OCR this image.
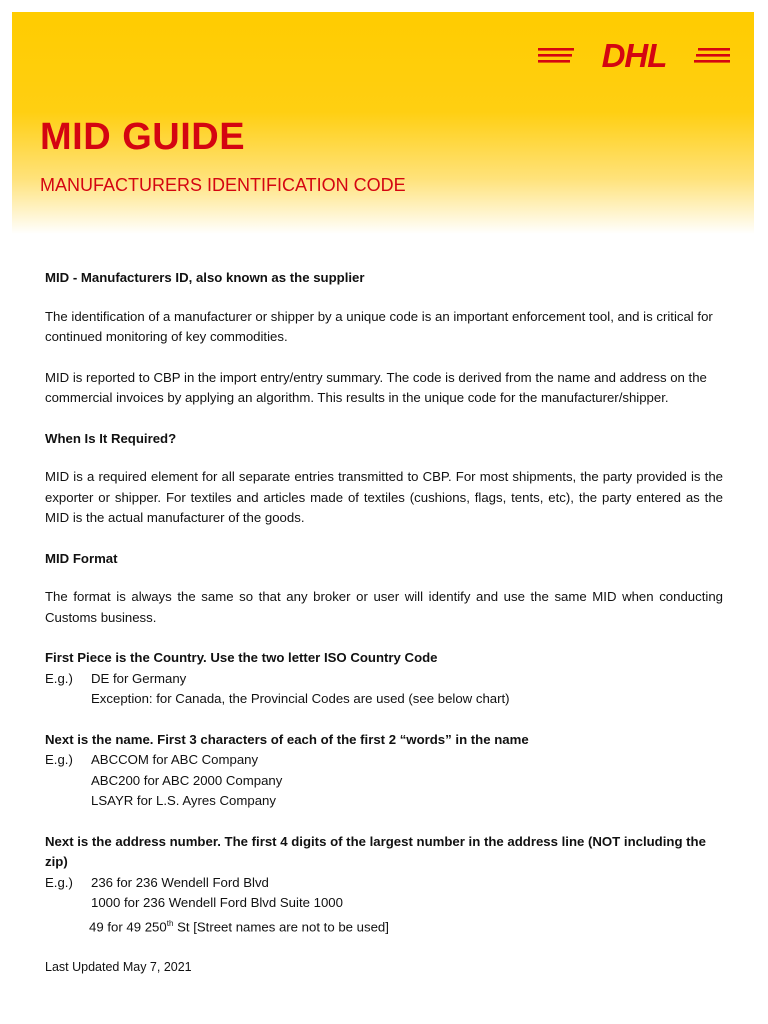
DHL
MID GUIDE
MANUFACTURERS IDENTIFICATION CODE

MID - Manufacturers ID, also known as the supplier

The identification of a manufacturer or shipper by a unique code is an important enforcement tool, and is critical for continued monitoring of key commodities.

MID is reported to CBP in the import entry/entry summary. The code is derived from the name and address on the commercial invoices by applying an algorithm. This results in the unique code for the manufacturer/shipper.

When Is It Required?

MID is a required element for all separate entries transmitted to CBP. For most shipments, the party provided is the exporter or shipper. For textiles and articles made of textiles (cushions, flags, tents, etc), the party entered as the MID is the actual manufacturer of the goods.

MID Format

The format is always the same so that any broker or user will identify and use the same MID when conducting Customs business.

First Piece is the Country. Use the two letter ISO Country Code

E.g.)	DE for Germany
Exception: for Canada, the Provincial Codes are used (see below chart)

Next is the name. First 3 characters of each of the first 2 “words” in the name

E.g.)	ABCCOM for ABC Company
ABC200 for ABC 2000 Company
LSAYR for L.S. Ayres Company

Next is the address number. The first 4 digits of the largest number in the address line (NOT including the zip)

E.g.)	236 for 236 Wendell Ford Blvd
1000 for 236 Wendell Ford Blvd Suite 1000
49 for 49 250th St [Street names are not to be used]
Last Updated May 7, 2021
